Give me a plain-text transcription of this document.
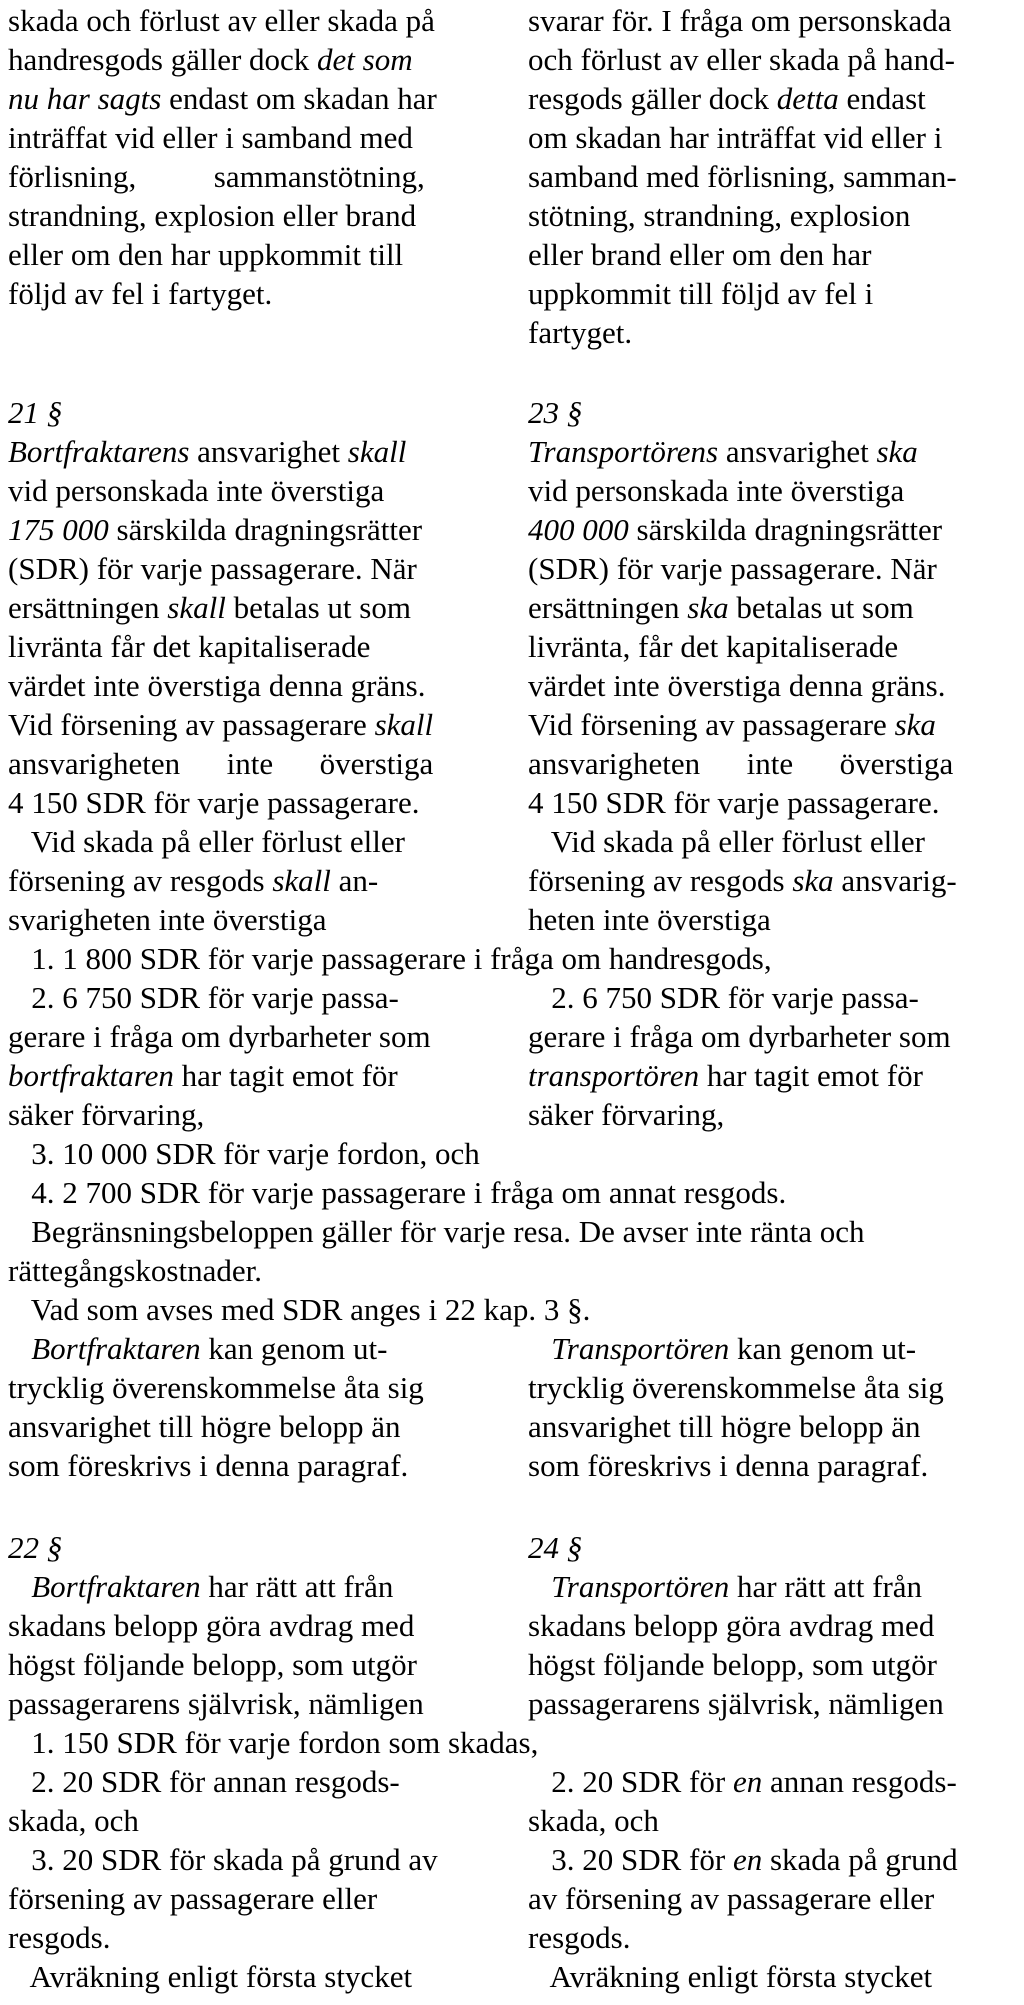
skada och förlust av eller skada på	svarar för. I fråga om personskada
handresgods gäller dock det som	och förlust av eller skada på hand-
nu har sagts endast om skadan har	resgods gäller dock detta endast
inträffat vid eller i samband med	om skadan har inträffat vid eller i
förlisning,          sammanstötning,	samband med förlisning, samman-
strandning, explosion eller brand	stötning, strandning, explosion
eller om den har uppkommit till	eller brand eller om den har
följd av fel i fartyget.	uppkommit till följd av fel i
fartyget.
21 §	23 §
Bortfraktarens ansvarighet skall	Transportörens ansvarighet ska
vid personskada inte överstiga	vid personskada inte överstiga
175 000 särskilda dragningsrätter	400 000 särskilda dragningsrätter
(SDR) för varje passagerare. När	(SDR) för varje passagerare. När
ersättningen skall betalas ut som	ersättningen ska betalas ut som
livränta får det kapitaliserade	livränta, får det kapitaliserade
värdet inte överstiga denna gräns.	värdet inte överstiga denna gräns.
Vid försening av passagerare skall	Vid försening av passagerare ska
ansvarigheten      inte      överstiga	ansvarigheten      inte      överstiga
4 150 SDR för varje passagerare.	4 150 SDR för varje passagerare.
Vid skada på eller förlust eller	Vid skada på eller förlust eller
försening av resgods skall an-	försening av resgods ska ansvarig-
svarigheten inte överstiga	heten inte överstiga
1. 1 800 SDR för varje passagerare i fråga om handresgods,
2. 6 750 SDR för varje passa-	2. 6 750 SDR för varje passa-
gerare i fråga om dyrbarheter som	gerare i fråga om dyrbarheter som
bortfraktaren har tagit emot för	transportören har tagit emot för
säker förvaring,	säker förvaring,
3. 10 000 SDR för varje fordon, och
4. 2 700 SDR för varje passagerare i fråga om annat resgods.
Begränsningsbeloppen gäller för varje resa. De avser inte ränta och
rättegångskostnader.
Vad som avses med SDR anges i 22 kap. 3 §.
Bortfraktaren kan genom ut-	Transportören kan genom ut-
trycklig överenskommelse åta sig	trycklig överenskommelse åta sig
ansvarighet till högre belopp än	ansvarighet till högre belopp än
som föreskrivs i denna paragraf.	som föreskrivs i denna paragraf.
22 §	24 §
Bortfraktaren har rätt att från	Transportören har rätt att från
skadans belopp göra avdrag med	skadans belopp göra avdrag med
högst följande belopp, som utgör	högst följande belopp, som utgör
passagerarens självrisk, nämligen	passagerarens självrisk, nämligen
1. 150 SDR för varje fordon som skadas,
2. 20 SDR för annan resgods-	2. 20 SDR för en annan resgods-
skada, och	skada, och
3. 20 SDR för skada på grund av	3. 20 SDR för en skada på grund
försening av passagerare eller	av försening av passagerare eller
resgods.	resgods.
Avräkning enligt första stycket	Avräkning enligt första stycket
